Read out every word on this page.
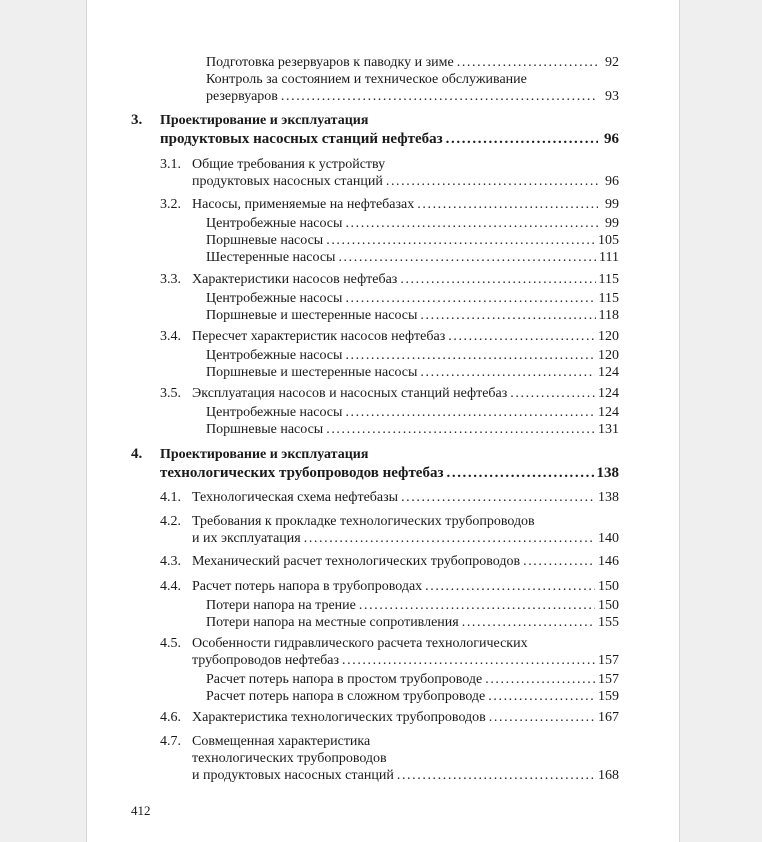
Подготовка резервуаров к паводку и зиме .....	92
Контроль за состоянием и техническое обслуживание
резервуаров .....	93
3. Проектирование и эксплуатация
продуктовых насосных станций нефтебаз .....	96
3.1. Общие требования к устройству
продуктовых насосных станций .....	96
3.2. Насосы, применяемые на нефтебазах .....	99
Центробежные насосы .....	99
Поршневые насосы .....	105
Шестеренные насосы .....	111
3.3. Характеристики насосов нефтебаз .....	115
Центробежные насосы .....	115
Поршневые и шестеренные насосы .....	118
3.4. Пересчет характеристик насосов нефтебаз .....	120
Центробежные насосы .....	120
Поршневые и шестеренные насосы .....	124
3.5. Эксплуатация насосов и насосных станций нефтебаз .....	124
Центробежные насосы .....	124
Поршневые насосы .....	131
4. Проектирование и эксплуатация
технологических трубопроводов нефтебаз .....	138
4.1. Технологическая схема нефтебазы .....	138
4.2. Требования к прокладке технологических трубопроводов
и их эксплуатация .....	140
4.3. Механический расчет технологических трубопроводов .....	146
4.4. Расчет потерь напора в трубопроводах .....	150
Потери напора на трение .....	150
Потери напора на местные сопротивления .....	155
4.5. Особенности гидравлического расчета технологических
трубопроводов нефтебаз .....	157
Расчет потерь напора в простом трубопроводе .....	157
Расчет потерь напора в сложном трубопроводе .....	159
4.6. Характеристика технологических трубопроводов .....	167
4.7. Совмещенная характеристика
технологических трубопроводов
и продуктовых насосных станций .....	168
412
